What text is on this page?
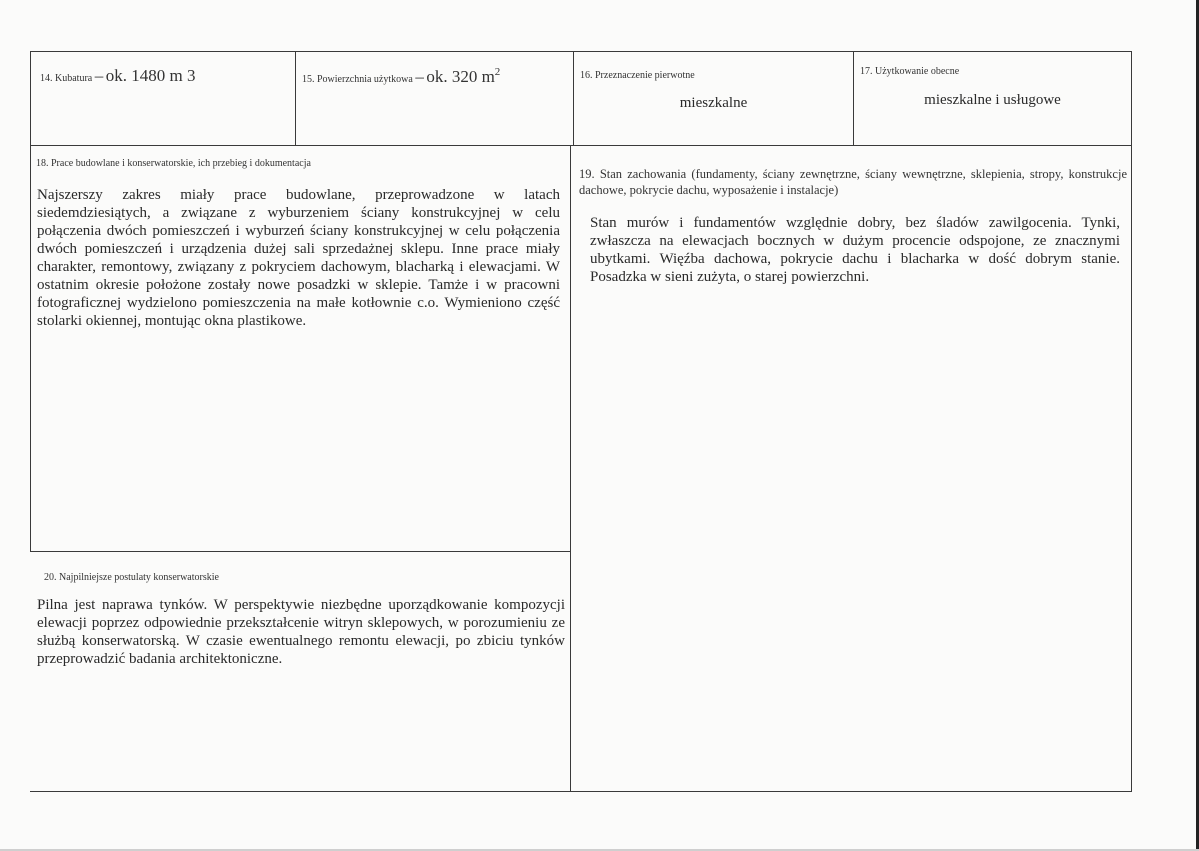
14. Kubatura – ok. 1480 m 3	15. Powierzchnia użytkowa – ok. 320 m2	16. Przeznaczenie pierwotne
mieszkalne
17. Użytkowanie obecne
mieszkalne i usługowe
18. Prace budowlane i konserwatorskie, ich przebieg i dokumentacja
Najszerszy zakres miały prace budowlane, przeprowadzone w latach siedemdziesiątych, a związane z wyburzeniem ściany konstrukcyjnej w celu połączenia dwóch pomieszczeń i wyburzeń ściany konstrukcyjnej w celu połączenia dwóch pomieszczeń i urządzenia dużej sali sprzedażnej sklepu. Inne prace miały charakter, remontowy, związany z pokryciem dachowym, blacharką i elewacjami. W ostatnim okresie położone zostały nowe posadzki w sklepie. Tamże i w pracowni fotograficznej wydzielono pomieszczenia na małe kotłownie c.o. Wymieniono część stolarki okiennej, montując okna plastikowe.
19. Stan zachowania (fundamenty, ściany zewnętrzne, ściany wewnętrzne, sklepienia, stropy, konstrukcje dachowe, pokrycie dachu, wyposażenie i instalacje)
Stan murów i fundamentów względnie dobry, bez śladów zawilgocenia. Tynki, zwłaszcza na elewacjach bocznych w dużym procencie odspojone, ze znacznymi ubytkami. Więźba dachowa, pokrycie dachu i blacharka w dość dobrym stanie. Posadzka w sieni zużyta, o starej powierzchni.
20. Najpilniejsze postulaty konserwatorskie
Pilna jest naprawa tynków. W perspektywie niezbędne uporządkowanie kompozycji elewacji poprzez odpowiednie przekształcenie witryn sklepowych, w porozumieniu ze służbą konserwatorską. W czasie ewentualnego remontu elewacji, po zbiciu tynków przeprowadzić badania architektoniczne.
